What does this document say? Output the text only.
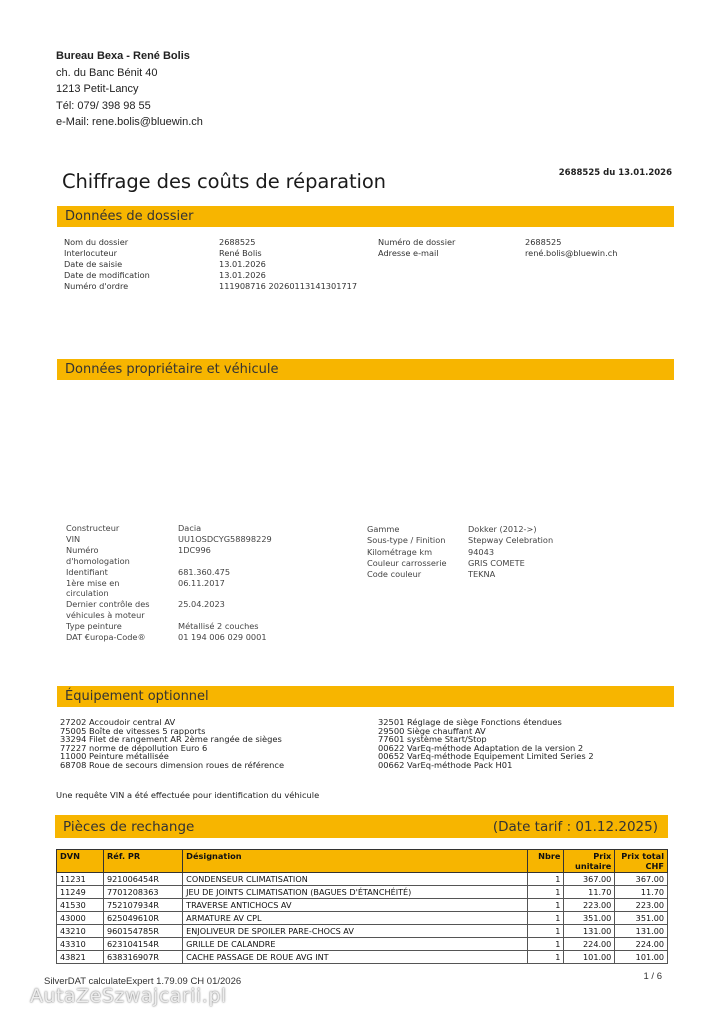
Bureau Bexa - René Bolis
ch. du Banc Bénit 40
1213 Petit-Lancy
Tél: 079/ 398 98 55
e-Mail: rene.bolis@bluewin.ch
2688525 du 13.01.2026
Chiffrage des coûts de réparation
Données de dossier
Nom du dossier	2688525
Interlocuteur	René Bolis
Date de saisie	13.01.2026
Date de modification	13.01.2026
Numéro d'ordre	111908716 20260113141301717
Numéro de dossier	2688525
Adresse e-mail	rené.bolis@bluewin.ch
Données propriétaire et véhicule
Constructeur	Dacia
VIN	UU1OSDCYG58898229
Numéro
d'homologation
1DC996
Identifiant	681.360.475
1ère mise en
circulation
06.11.2017
Dernier contrôle des
véhicules à moteur
25.04.2023
Type peinture	Métallisé 2 couches
DAT €uropa-Code®	01 194 006 029 0001
Gamme	Dokker (2012->)
Sous-type / Finition	Stepway Celebration
Kilométrage km	94043
Couleur carrosserie	GRIS COMETE
Code couleur	TEKNA
Équipement optionnel
27202 Accoudoir central AV
75005 Boîte de vitesses 5 rapports
33294 Filet de rangement AR 2ème rangée de sièges
77227 norme de dépollution Euro 6
11000 Peinture métallisée
68708 Roue de secours dimension roues de référence
32501 Réglage de siège Fonctions étendues
29500 Siège chauffant AV
77601 système Start/Stop
00622 VarEq-méthode Adaptation de la version 2
00652 VarEq-méthode Equipement Limited Series 2
00662 VarEq-méthode Pack H01
Une requête VIN a été effectuée pour identification du véhicule
Pièces de rechange	(Date tarif : 01.12.2025)
DVN	Réf. PR	Désignation	Nbre	Prix
unitaire	Prix total
CHF
11231	921006454R	CONDENSEUR CLIMATISATION	1	367.00	367.00
11249	7701208363	JEU DE JOINTS CLIMATISATION (BAGUES D'ÉTANCHÉITÉ)	1	11.70	11.70
41530	752107934R	TRAVERSE ANTICHOCS AV	1	223.00	223.00
43000	625049610R	ARMATURE AV CPL	1	351.00	351.00
43210	960154785R	ENJOLIVEUR DE SPOILER PARE-CHOCS AV	1	131.00	131.00
43310	623104154R	GRILLE DE CALANDRE	1	224.00	224.00
43821	638316907R	CACHE PASSAGE DE ROUE AVG INT	1	101.00	101.00
SilverDAT calculateExpert 1.79.09 CH 01/2026	1 / 6
AutaZeSzwajcarii.pl
